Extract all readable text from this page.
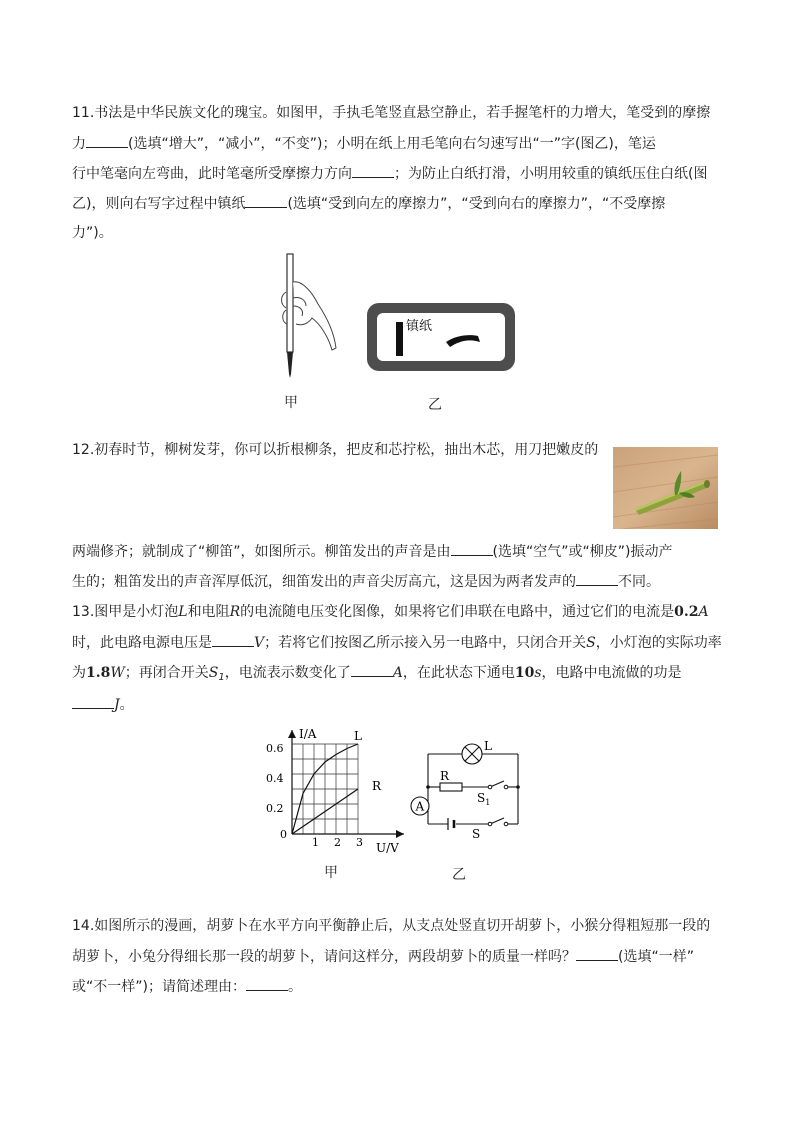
11.书法是中华民族文化的瑰宝。如图甲，手执毛笔竖直悬空静止，若手握笔杆的力增大，笔受到的摩擦
力	(选填“增大”，“减小”，“不变”)；小明在纸上用毛笔向右匀速写出“一”字(图乙)，笔运
行中笔毫向左弯曲，此时笔毫所受摩擦力方向	；为防止白纸打滑，小明用较重的镇纸压住白纸(图
乙)，则向右写字过程中镇纸	(选填“受到向左的摩擦力”，“受到向右的摩擦力”，“不受摩擦
力”)。
甲
镇纸
乙
12.初春时节，柳树发芽，你可以折根柳条，把皮和芯拧松，抽出木芯，用刀把嫩皮的
两端修齐；就制成了“柳笛”，如图所示。柳笛发出的声音是由	(选填“空气”或“柳皮”)振动产
生的；粗笛发出的声音浑厚低沉，细笛发出的声音尖厉高亢，这是因为两者发声的	不同。
13.图甲是小灯泡L和电阻R的电流随电压变化图像，如果将它们串联在电路中，通过它们的电流是0.2A
时，此电路电源电压是	V；若将它们按图乙所示接入另一电路中，只闭合开关S，小灯泡的实际功率
为1.8W；再闭合开关$S_1$，电流表示数变化了	A，在此状态下通电10s，电路中电流做的功是
J。
I/A
U/V
0.6
0.4
0.2
0
1 2 3
L
R
甲
A
L
R
$S_1$
S
乙
14.如图所示的漫画，胡萝卜在水平方向平衡静止后，从支点处竖直切开胡萝卜，小猴分得粗短那一段的
胡萝卜，小兔分得细长那一段的胡萝卜，请问这样分，两段胡萝卜的质量一样吗？	(选填“一样”
或“不一样”)；请简述理由：	。
